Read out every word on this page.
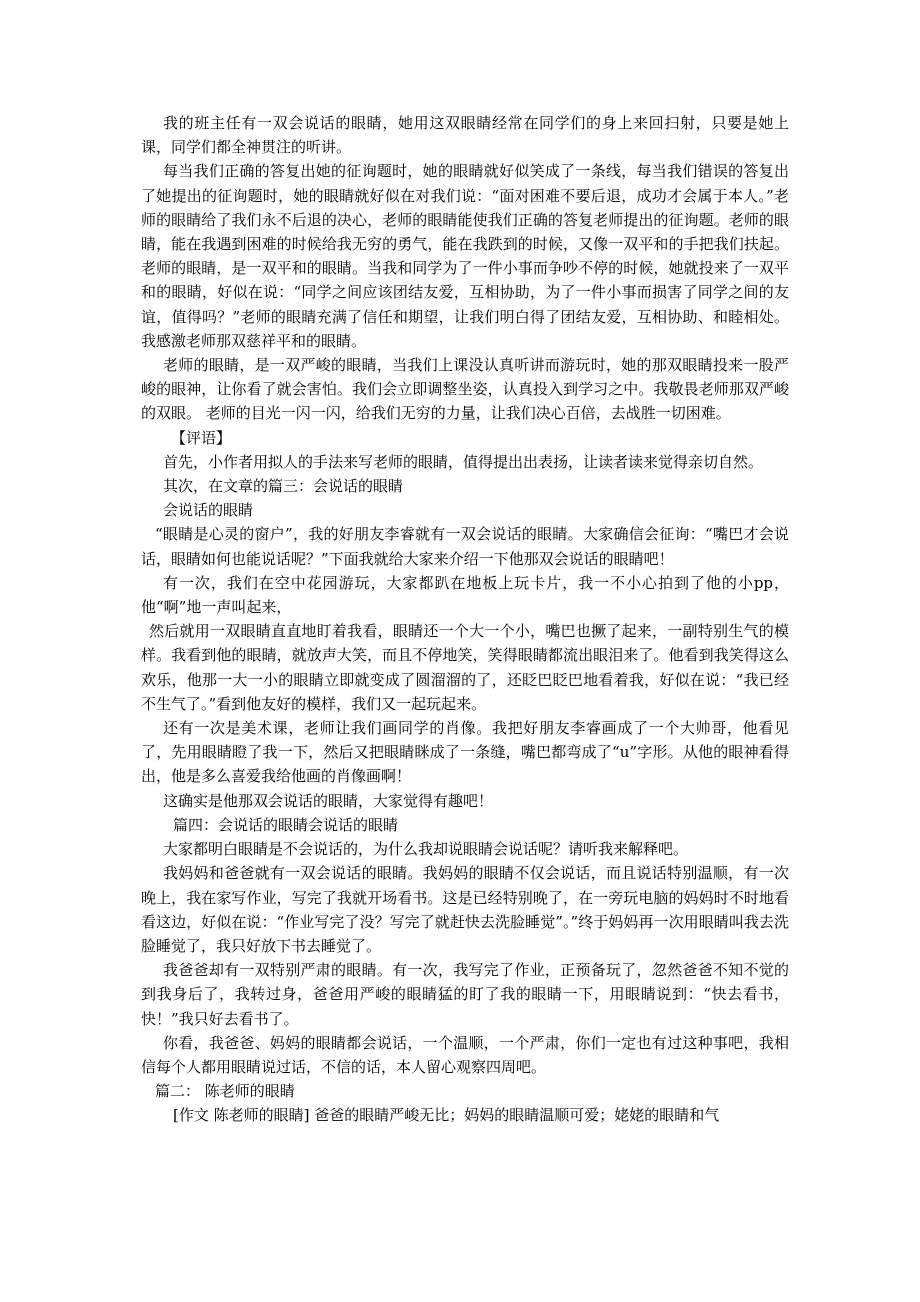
我的班主任有一双会说话的眼睛，她用这双眼睛经常在同学们的身上来回扫射，只要是她上课，同学们都全神贯注的听讲。

每当我们正确的答复出她的征询题时，她的眼睛就好似笑成了一条线，每当我们错误的答复出了她提出的征询题时，她的眼睛就好似在对我们说：“面对困难不要后退，成功才会属于本人。”老师的眼睛给了我们永不后退的决心，老师的眼睛能使我们正确的答复老师提出的征询题。老师的眼睛，能在我遇到困难的时候给我无穷的勇气，能在我跌到的时候，又像一双平和的手把我们扶起。 老师的眼睛，是一双平和的眼睛。当我和同学为了一件小事而争吵不停的时候，她就投来了一双平和的眼睛，好似在说：“同学之间应该团结友爱，互相协助，为了一件小事而损害了同学之间的友谊，值得吗？”老师的眼睛充满了信任和期望，让我们明白得了团结友爱，互相协助、和睦相处。我感激老师那双慈祥平和的眼睛。

老师的眼睛，是一双严峻的眼睛，当我们上课没认真听讲而游玩时，她的那双眼睛投来一股严峻的眼神，让你看了就会害怕。我们会立即调整坐姿，认真投入到学习之中。我敬畏老师那双严峻的双眼。 老师的目光一闪一闪，给我们无穷的力量，让我们决心百倍，去战胜一切困难。

【评语】

首先，小作者用拟人的手法来写老师的眼睛，值得提出出表扬，让读者读来觉得亲切自然。

其次，在文章的篇三：会说话的眼睛

会说话的眼睛

“眼睛是心灵的窗户”，我的好朋友李睿就有一双会说话的眼睛。大家确信会征询：“嘴巴才会说话，眼睛如何也能说话呢？”下面我就给大家来介绍一下他那双会说话的眼睛吧！

有一次，我们在空中花园游玩，大家都趴在地板上玩卡片，我一不小心拍到了他的小pp，他“啊”地一声叫起来，

然后就用一双眼睛直直地盯着我看，眼睛还一个大一个小，嘴巴也撅了起来，一副特别生气的模样。我看到他的眼睛，就放声大笑，而且不停地笑，笑得眼睛都流出眼泪来了。他看到我笑得这么欢乐，他那一大一小的眼睛立即就变成了圆溜溜的了，还眨巴眨巴地看着我，好似在说：“我已经不生气了。”看到他友好的模样，我们又一起玩起来。

还有一次是美术课，老师让我们画同学的肖像。我把好朋友李睿画成了一个大帅哥，他看见了，先用眼睛瞪了我一下，然后又把眼睛眯成了一条缝，嘴巴都弯成了“u”字形。从他的眼神看得出，他是多么喜爱我给他画的肖像画啊！

这确实是他那双会说话的眼睛，大家觉得有趣吧！

篇四：会说话的眼睛会说话的眼睛

大家都明白眼睛是不会说话的，为什么我却说眼睛会说话呢？请听我来解释吧。

我妈妈和爸爸就有一双会说话的眼睛。我妈妈的眼睛不仅会说话，而且说话特别温顺，有一次晚上，我在家写作业，写完了我就开场看书。这是已经特别晚了，在一旁玩电脑的妈妈时不时地看看这边，好似在说：“作业写完了没？写完了就赶快去洗脸睡觉”。”终于妈妈再一次用眼睛叫我去洗脸睡觉了，我只好放下书去睡觉了。

我爸爸却有一双特别严肃的眼睛。有一次，我写完了作业，正预备玩了，忽然爸爸不知不觉的到我身后了，我转过身，爸爸用严峻的眼睛猛的盯了我的眼睛一下，用眼睛说到：“快去看书，快！”我只好去看书了。

你看，我爸爸、妈妈的眼睛都会说话，一个温顺，一个严肃，你们一定也有过这种事吧，我相信每个人都用眼睛说过话，不信的话，本人留心观察四周吧。

篇二： 陈老师的眼睛

[作文 陈老师的眼睛] 爸爸的眼睛严峻无比；妈妈的眼睛温顺可爱；姥姥的眼睛和气
